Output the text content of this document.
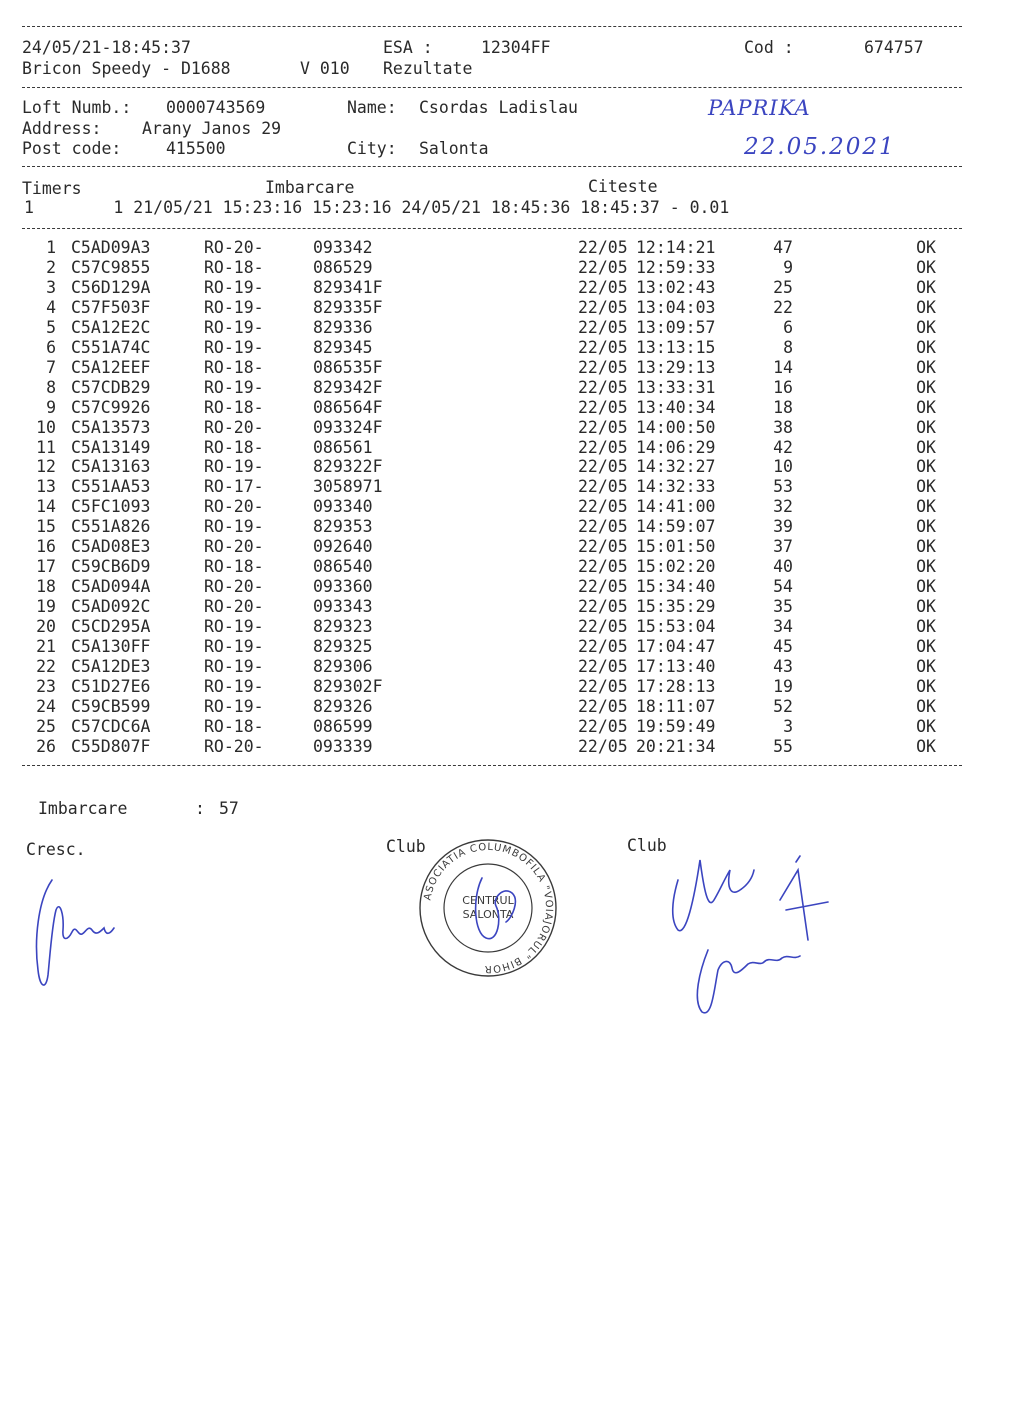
24/05/21-18:45:37	ESA :	12304FF	Cod :	674757
Bricon Speedy - D1688	V 010 Rezultate
Loft Numb.: 0000743569	Name: Csordas Ladislau
Address: Arany Janos 29
Post code:	415500	City: Salonta
PAPRIKA
22.05.2021
Timers	Imbarcare	Citeste
1        1 21/05/21 15:23:16 15:23:16 24/05/21 18:45:36 18:45:37 - 0.01
1 C5AD09A3	RO-20-	093342	22/05 12:14:21	47	OK
2 C57C9855	RO-18-	086529	22/05 12:59:33	9	OK
3 C56D129A	RO-19-	829341F	22/05 13:02:43	25	OK
4 C57F503F	RO-19-	829335F	22/05 13:04:03	22	OK
5 C5A12E2C	RO-19-	829336	22/05 13:09:57	6	OK
6 C551A74C	RO-19-	829345	22/05 13:13:15	8	OK
7 C5A12EEF	RO-18-	086535F	22/05 13:29:13	14	OK
8 C57CDB29	RO-19-	829342F	22/05 13:33:31	16	OK
9 C57C9926	RO-18-	086564F	22/05 13:40:34	18	OK
10 C5A13573	RO-20-	093324F	22/05 14:00:50	38	OK
11 C5A13149	RO-18-	086561	22/05 14:06:29	42	OK
12 C5A13163	RO-19-	829322F	22/05 14:32:27	10	OK
13 C551AA53	RO-17-	3058971	22/05 14:32:33	53	OK
14 C5FC1093	RO-20-	093340	22/05 14:41:00	32	OK
15 C551A826	RO-19-	829353	22/05 14:59:07	39	OK
16 C5AD08E3	RO-20-	092640	22/05 15:01:50	37	OK
17 C59CB6D9	RO-18-	086540	22/05 15:02:20	40	OK
18 C5AD094A	RO-20-	093360	22/05 15:34:40	54	OK
19 C5AD092C	RO-20-	093343	22/05 15:35:29	35	OK
20 C5CD295A	RO-19-	829323	22/05 15:53:04	34	OK
21 C5A130FF	RO-19-	829325	22/05 17:04:47	45	OK
22 C5A12DE3	RO-19-	829306	22/05 17:13:40	43	OK
23 C51D27E6	RO-19-	829302F	22/05 17:28:13	19	OK
24 C59CB599	RO-19-	829326	22/05 18:11:07	52	OK
25 C57CDC6A	RO-18-	086599	22/05 19:59:49	3	OK
26 C55D807F	RO-20-	093339	22/05 20:21:34	55	OK
Imbarcare	: 57
Cresc.	Club	Club
ASOCIATIA COLUMBOFILA "VOIAJORUL" BIHOR
CENTRUL
SALONTA
